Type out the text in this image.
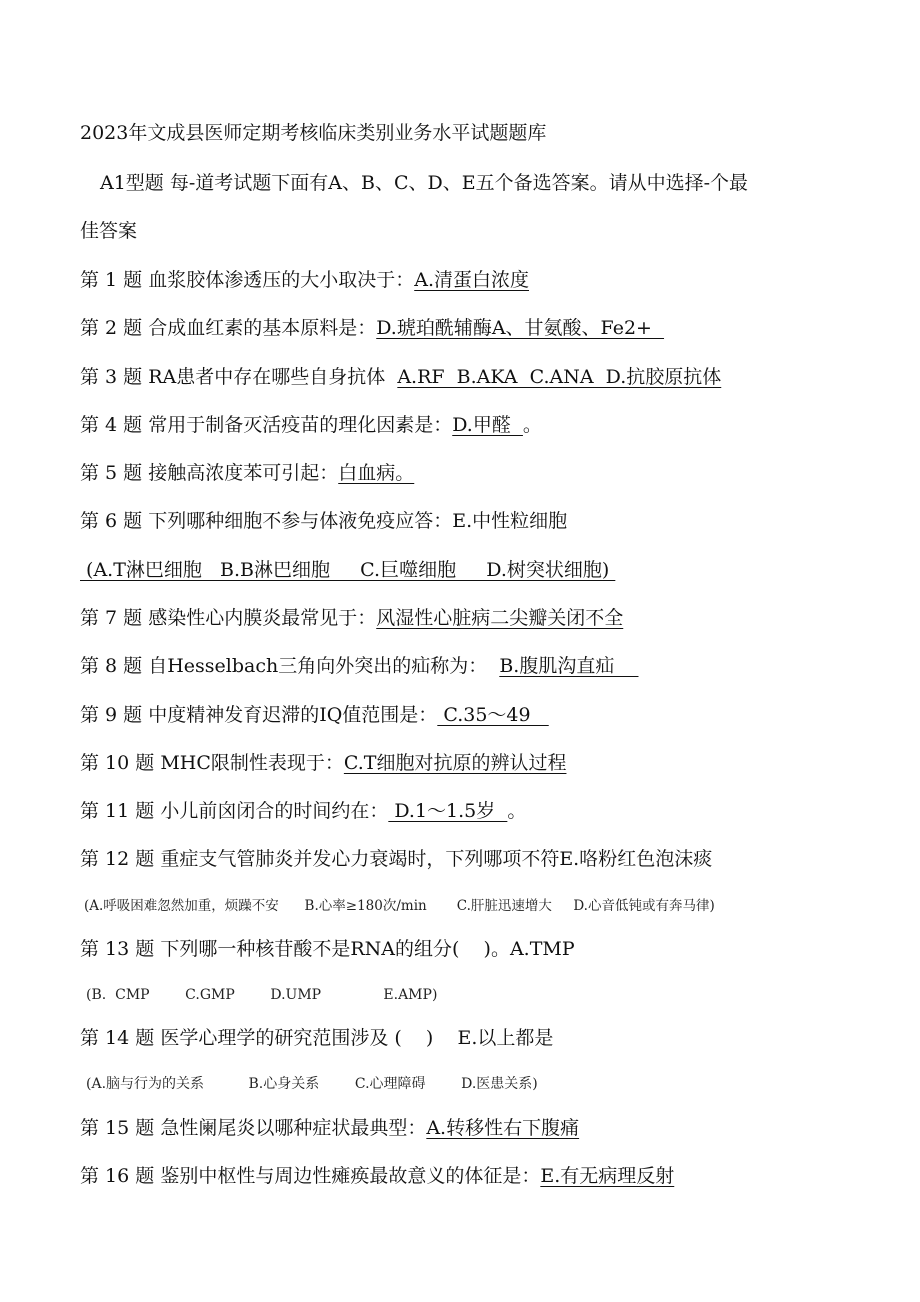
2023年文成县医师定期考核临床类别业务水平试题题库
A1型题 每-道考试题下面有A、B、C、D、E五个备选答案。请从中选择-个最
佳答案
第 1 题 血浆胶体渗透压的大小取决于：A.清蛋白浓度
第 2 题 合成血红素的基本原料是：D.琥珀酰辅酶A、甘氨酸、Fe2+
第 3 题 RA患者中存在哪些自身抗体  A.RF  B.AKA  C.ANA  D.抗胶原抗体
第 4 题 常用于制备灭活疫苗的理化因素是：D.甲醛  。
第 5 题 接触高浓度苯可引起：白血病。
第 6 题 下列哪种细胞不参与体液免疫应答：E.中性粒细胞
(A.T淋巴细胞   B.B淋巴细胞     C.巨噬细胞     D.树突状细胞)
第 7 题 感染性心内膜炎最常见于：风湿性心脏病二尖瓣关闭不全
第 8 题 自Hesselbach三角向外突出的疝称为：  B.腹肌沟直疝
第 9 题 中度精神发育迟滞的IQ值范围是： C.35～49
第 10 题 MHC限制性表现于：C.T细胞对抗原的辨认过程
第 11 题 小儿前囟闭合的时间约在： D.1～1.5岁  。
第 12 题 重症支气管肺炎并发心力衰竭时，下列哪项不符E.咯粉红色泡沫痰
(A.呼吸困难忽然加重，烦躁不安      B.心率≥180次/min       C.肝脏迅速增大     D.心音低钝或有奔马律)
第 13 题 下列哪一种核苷酸不是RNA的组分(    )。A.TMP
(B.  CMP        C.GMP        D.UMP              E.AMP)
第 14 题 医学心理学的研究范围涉及 (    )    E.以上都是
(A.脑与行为的关系          B.心身关系        C.心理障碍        D.医患关系)
第 15 题 急性阑尾炎以哪种症状最典型：A.转移性右下腹痛
第 16 题 鉴别中枢性与周边性瘫痪最故意义的体征是：E.有无病理反射
